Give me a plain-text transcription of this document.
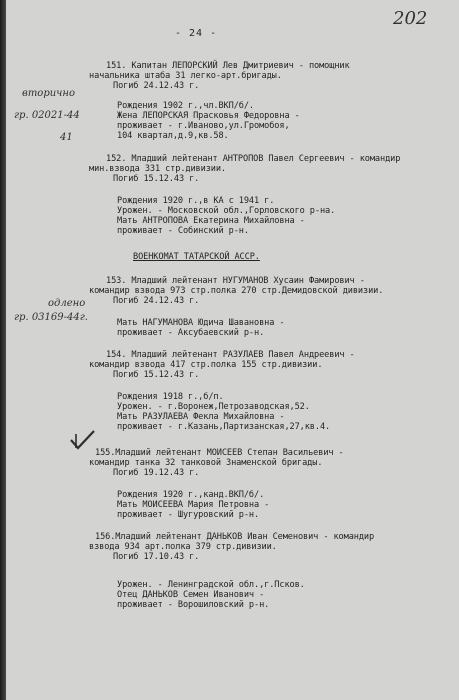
202
- 24 -
вторично
гр. 02021-44
41
одлено
гр. 03169-44г.
151. Капитан ЛЕПОРСКИЙ Лев Дмитриевич - помощник
начальника штаба 31 легко-арт.бригады.
Погиб 24.12.43 г.
Рождения 1902 г.,чл.ВКП/б/.
Жена ЛЕПОРСКАЯ Прасковья Федоровна -
проживает - г.Иваново,ул.Громобоя,
104 квартал,д.9,кв.58.
152. Младший лейтенант АНТРОПОВ Павел Сергеевич - командир
мин.взвода 331 стр.дивизии.
Погиб 15.12.43 г.
Рождения 1920 г.,в КА с 1941 г.
Урожен. - Московской обл.,Горловского р-на.
Мать АНТРОПОВА Екатерина Михайловна -
проживает - Собинский р-н.
ВОЕНКОМАТ ТАТАРСКОЙ АССР.
153. Младший лейтенант НУГУМАНОВ Хусаин Фамирович -
командир взвода 973 стр.полка 270 стр.Демидовской дивизии.
Погиб 24.12.43 г.
Мать НАГУМАНОВА Юдича Шавановна -
проживает - Аксубаевский р-н.
154. Младший лейтенант РАЗУЛАЕВ Павел Андреевич -
командир взвода 417 стр.полка 155 стр.дивизии.
Погиб 15.12.43 г.
Рождения 1918 г.,б/п.
Урожен. - г.Воронеж,Петрозаводская,52.
Мать РАЗУЛАЕВА Фекла Михайловна -
проживает - г.Казань,Партизанская,27,кв.4.
155.Младший лейтенант МОИСЕЕВ Степан Васильевич -
командир танка 32 танковой Знаменской бригады.
Погиб 19.12.43 г.
Рождения 1920 г.,канд.ВКП/б/.
Мать МОИСЕЕВА Мария Петровна -
проживает - Шугуровский р-н.
156.Младший лейтенант ДАНЬКОВ Иван Семенович - командир
взвода 934 арт.полка 379 стр.дивизии.
Погиб 17.10.43 г.
Урожен. - Ленинградской обл.,г.Псков.
Отец ДАНЬКОВ Семен Иванович -
проживает - Ворошиловский р-н.
